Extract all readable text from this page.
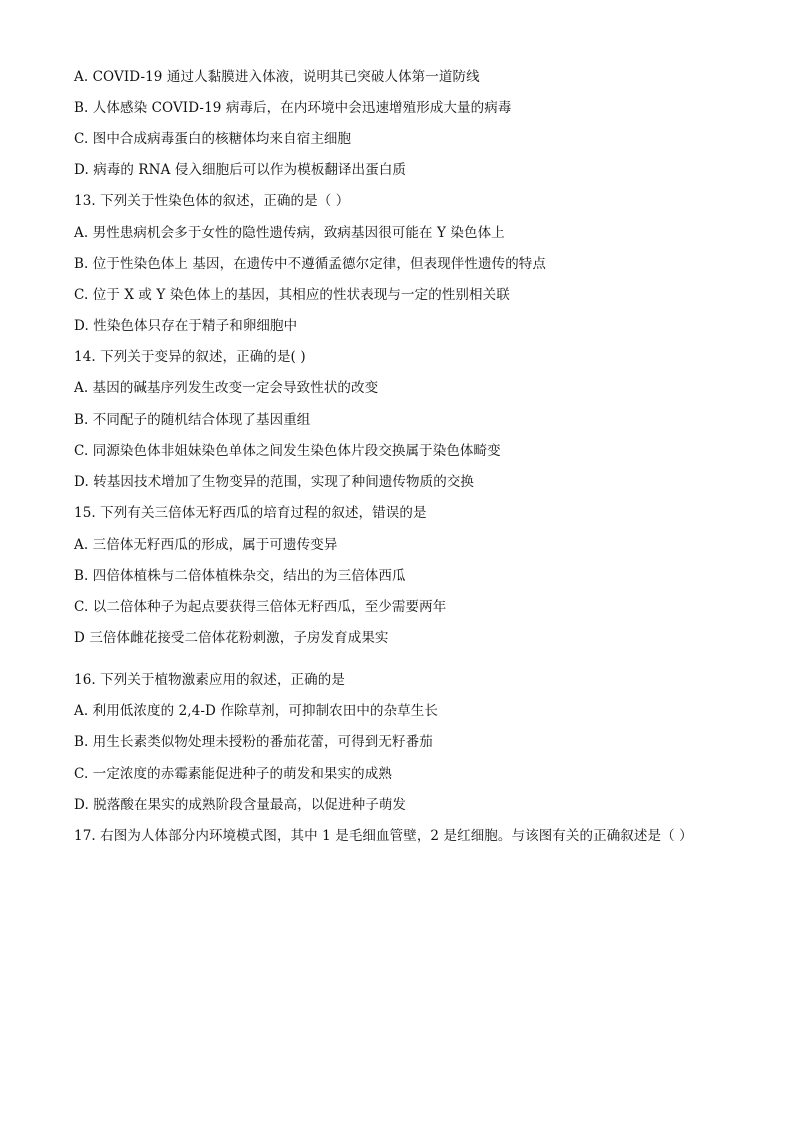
A. COVID-19 通过人黏膜进入体液，说明其已突破人体第一道防线
B. 人体感染 COVID-19 病毒后，在内环境中会迅速增殖形成大量的病毒
C. 图中合成病毒蛋白的核糖体均来自宿主细胞
D. 病毒的 RNA 侵入细胞后可以作为模板翻译出蛋白质
13. 下列关于性染色体的叙述，正确的是（ ）
A. 男性患病机会多于女性的隐性遗传病，致病基因很可能在 Y 染色体上
B. 位于性染色体上 基因，在遗传中不遵循孟德尔定律，但表现伴性遗传的特点
C. 位于 X 或 Y 染色体上的基因，其相应的性状表现与一定的性别相关联
D. 性染色体只存在于精子和卵细胞中
14. 下列关于变异的叙述，正确的是( )
A. 基因的碱基序列发生改变一定会导致性状的改变
B. 不同配子的随机结合体现了基因重组
C. 同源染色体非姐妹染色单体之间发生染色体片段交换属于染色体畸变
D. 转基因技术增加了生物变异的范围，实现了种间遗传物质的交换
15. 下列有关三倍体无籽西瓜的培育过程的叙述，错误的是
A. 三倍体无籽西瓜的形成，属于可遗传变异
B. 四倍体植株与二倍体植株杂交，结出的为三倍体西瓜
C. 以二倍体种子为起点要获得三倍体无籽西瓜，至少需要两年
D 三倍体雌花接受二倍体花粉刺激，子房发育成果实
16. 下列关于植物激素应用的叙述，正确的是
A. 利用低浓度的 2,4-D 作除草剂，可抑制农田中的杂草生长
B. 用生长素类似物处理未授粉的番茄花蕾，可得到无籽番茄
C. 一定浓度的赤霉素能促进种子的萌发和果实的成熟
D. 脱落酸在果实的成熟阶段含量最高，以促进种子萌发
17. 右图为人体部分内环境模式图，其中 1 是毛细血管壁，2 是红细胞。与该图有关的正确叙述是（ ）
